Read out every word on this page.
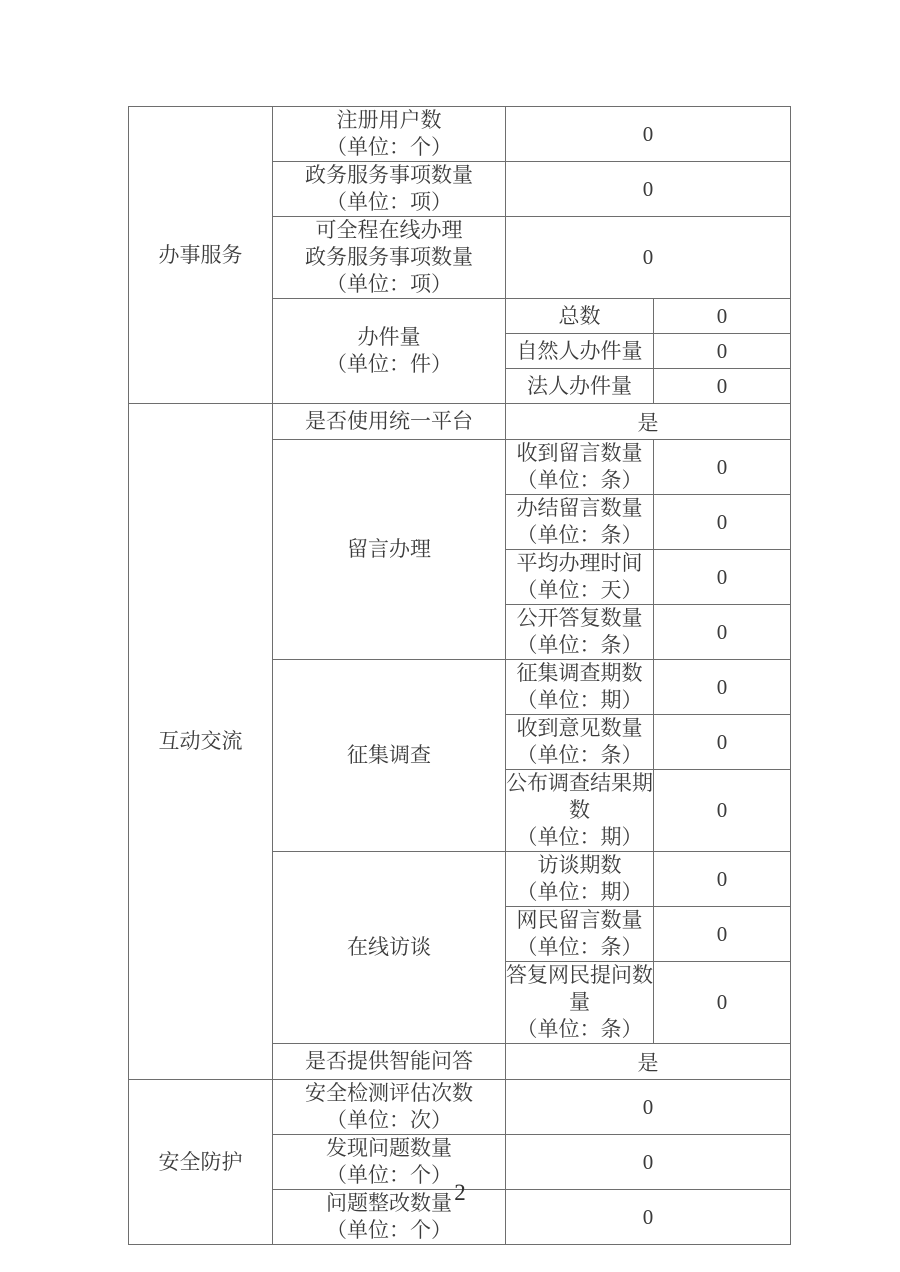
办事服务	注册用户数
（单位：个）	0	

	政务服务事项数量
（单位：项）	0	

	可全程在线办理
政务服务事项数量
（单位：项）	0	

	办件量
（单位：件）	总数	0

		自然人办件量	0

		法人办件量	0

互动交流	是否使用统一平台	是	

	留言办理	收到留言数量
（单位：条）	0

		办结留言数量
（单位：条）	0

		平均办理时间
（单位：天）	0

		公开答复数量
（单位：条）	0

	征集调查	征集调查期数
（单位：期）	0

		收到意见数量
（单位：条）	0

		公布调查结果期数
（单位：期）	0

	在线访谈	访谈期数
（单位：期）	0

		网民留言数量
（单位：条）	0

		答复网民提问数量
（单位：条）	0

	是否提供智能问答	是	

安全防护	安全检测评估次数
（单位：次）	0	

	发现问题数量
（单位：个）	0	

	问题整改数量
（单位：个）	0	
2
